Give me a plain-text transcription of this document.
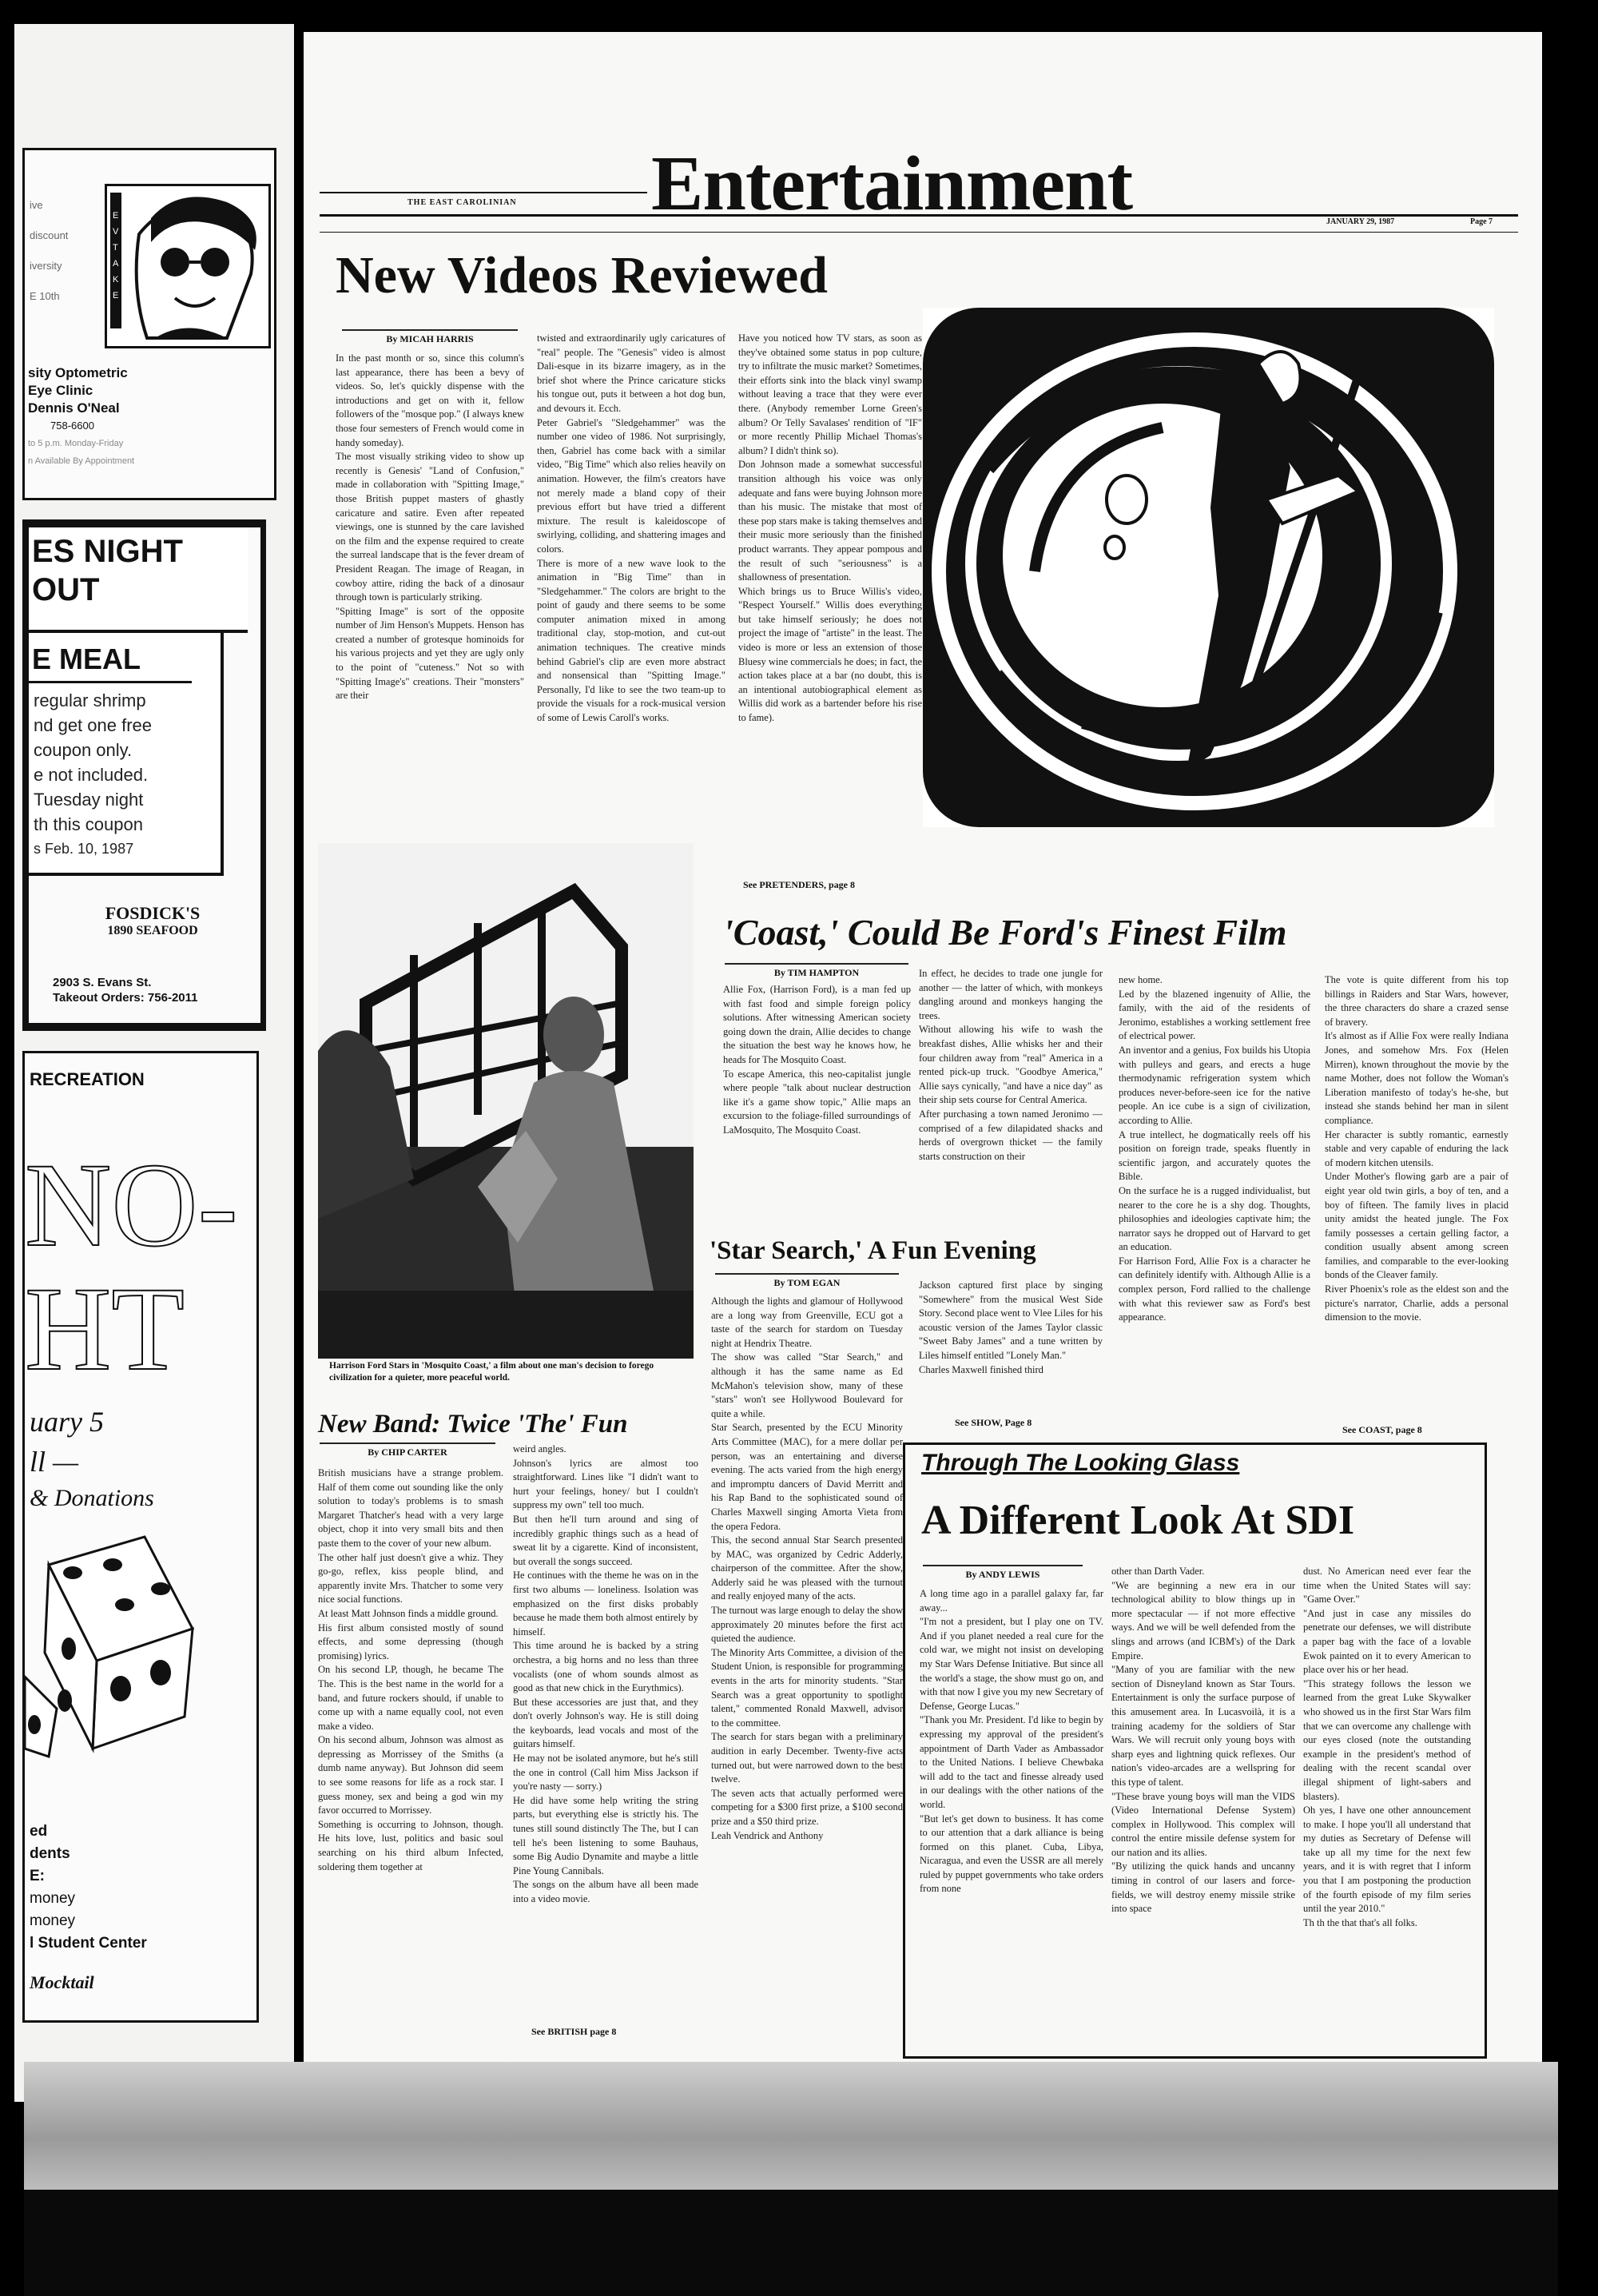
ive
discount
iversity
E 10th
E
V
T
A
K
E
sity Optometric
Eye Clinic
Dennis O'Neal
758-6600
to 5 p.m. Monday-Friday
n Available By Appointment
ES NIGHT
OUT
E MEAL
regular shrimp
nd get one free
coupon only.
e not included.
Tuesday night
th this coupon
s Feb. 10, 1987
FOSDICK'S
1890 SEAFOOD
2903 S. Evans St.
Takeout Orders: 756-2011
RECREATION
NO-
HT
uary 5
ll —
& Donations
ed
dents
E:
money
money
l Student Center
Mocktail
THE EAST CAROLINIAN Entertainment	JANUARY 29, 1987	Page 7
New Videos Reviewed
By MICAH HARRIS
In the past month or so, since this column's last appearance, there has been a bevy of videos. So, let's quickly dispense with the introductions and get on with it, fellow followers of the "mosque pop." (I always knew those four semesters of French would come in handy someday).
The most visually striking video to show up recently is Genesis' "Land of Confusion," made in collaboration with "Spitting Image," those British puppet masters of ghastly caricature and satire. Even after repeated viewings, one is stunned by the care lavished on the film and the expense required to create the surreal landscape that is the fever dream of President Reagan. The image of Reagan, in cowboy attire, riding the back of a dinosaur through town is particularly striking.
"Spitting Image" is sort of the opposite number of Jim Henson's Muppets. Henson has created a number of grotesque hominoids for his various projects and yet they are ugly only to the point of "cuteness." Not so with "Spitting Image's" creations. Their "monsters" are their
twisted and extraordinarily ugly caricatures of "real" people. The "Genesis" video is almost Dali-esque in its bizarre imagery, as in the brief shot where the Prince caricature sticks his tongue out, puts it between a hot dog bun, and devours it. Ecch.
Peter Gabriel's "Sledgehammer" was the number one video of 1986. Not surprisingly, then, Gabriel has come back with a similar video, "Big Time" which also relies heavily on animation. However, the film's creators have not merely made a bland copy of their previous effort but have tried a different mixture. The result is kaleidoscope of swirlying, colliding, and shattering images and colors.
There is more of a new wave look to the animation in "Big Time" than in "Sledgehammer." The colors are bright to the point of gaudy and there seems to be some computer animation mixed in among traditional clay, stop-motion, and cut-out animation techniques. The creative minds behind Gabriel's clip are even more abstract and nonsensical than "Spitting Image." Personally, I'd like to see the two team-up to provide the visuals for a rock-musical version of some of Lewis Caroll's works.
Have you noticed how TV stars, as soon as they've obtained some status in pop culture, try to infiltrate the music market? Sometimes, their efforts sink into the black vinyl swamp without leaving a trace that they were ever there. (Anybody remember Lorne Green's album? Or Telly Savalases' rendition of "IF" or more recently Phillip Michael Thomas's album? I didn't think so).
Don Johnson made a somewhat successful transition although his voice was only adequate and fans were buying Johnson more than his music. The mistake that most of these pop stars make is taking themselves and their music more seriously than the finished product warrants. They appear pompous and the result of such "seriousness" is a shallowness of presentation.
Which brings us to Bruce Willis's video, "Respect Yourself." Willis does everything but take himself seriously; he does not project the image of "artiste" in the least. The video is more or less an extension of those Bluesy wine commercials he does; in fact, the action takes place at a bar (no doubt, this is an intentional autobiographical element as Willis did work as a bartender before his rise to fame).
See PRETENDERS, page 8
Harrison Ford Stars in 'Mosquito Coast,' a film about one man's decision to forego civilization for a quieter, more peaceful world.
'Coast,' Could Be Ford's Finest Film
By TIM HAMPTON
Allie Fox, (Harrison Ford), is a man fed up with fast food and simple foreign policy solutions. After witnessing American society going down the drain, Allie decides to change the situation the best way he knows how, he heads for The Mosquito Coast.
To escape America, this neo-capitalist jungle where people "talk about nuclear destruction like it's a game show topic," Allie maps an excursion to the foliage-filled surroundings of LaMosquito, The Mosquito Coast.
In effect, he decides to trade one jungle for another — the latter of which, with monkeys dangling around and monkeys hanging the trees.
Without allowing his wife to wash the breakfast dishes, Allie whisks her and their four children away from "real" America in a rented pick-up truck. "Goodbye America," Allie says cynically, "and have a nice day" as their ship sets course for Central America.
After purchasing a town named Jeronimo — comprised of a few dilapidated shacks and herds of overgrown thicket — the family starts construction on their
new home.
Led by the blazened ingenuity of Allie, the family, with the aid of the residents of Jeronimo, establishes a working settlement free of electrical power.
An inventor and a genius, Fox builds his Utopia with pulleys and gears, and erects a huge thermodynamic refrigeration system which produces never-before-seen ice for the native people. An ice cube is a sign of civilization, according to Allie.
A true intellect, he dogmatically reels off his position on foreign trade, speaks fluently in scientific jargon, and accurately quotes the Bible.
On the surface he is a rugged individualist, but nearer to the core he is a shy dog. Thoughts, philosophies and ideologies captivate him; the narrator says he dropped out of Harvard to get an education.
For Harrison Ford, Allie Fox is a character he can definitely identify with. Although Allie is a complex person, Ford rallied to the challenge with what this reviewer saw as Ford's best appearance.
The vote is quite different from his top billings in Raiders and Star Wars, however, the three characters do share a crazed sense of bravery.
It's almost as if Allie Fox were really Indiana Jones, and somehow Mrs. Fox (Helen Mirren), known throughout the movie by the name Mother, does not follow the Woman's Liberation manifesto of today's he-she, but instead she stands behind her man in silent compliance.
Her character is subtly romantic, earnestly stable and very capable of enduring the lack of modern kitchen utensils.
Under Mother's flowing garb are a pair of eight year old twin girls, a boy of ten, and a boy of fifteen. The family lives in placid unity amidst the heated jungle. The Fox family possesses a certain gelling factor, a condition usually absent among screen families, and comparable to the ever-looking bonds of the Cleaver family.
River Phoenix's role as the eldest son and the picture's narrator, Charlie, adds a personal dimension to the movie.
See COAST, page 8
'Star Search,' A Fun Evening
By TOM EGAN
Although the lights and glamour of Hollywood are a long way from Greenville, ECU got a taste of the search for stardom on Tuesday night at Hendrix Theatre.
The show was called "Star Search," and although it has the same name as Ed McMahon's television show, many of these "stars" won't see Hollywood Boulevard for quite a while.
Star Search, presented by the ECU Minority Arts Committee (MAC), for a mere dollar per person, was an entertaining and diverse evening. The acts varied from the high energy and impromptu dancers of David Merritt and his Rap Band to the sophisticated sound of Charles Maxwell singing Amorta Vieta from the opera Fedora.
This, the second annual Star Search presented by MAC, was organized by Cedric Adderly, chairperson of the committee. After the show, Adderly said he was pleased with the turnout and really enjoyed many of the acts.
The turnout was large enough to delay the show approximately 20 minutes before the first act quieted the audience.
The Minority Arts Committee, a division of the Student Union, is responsible for programming events in the arts for minority students. "Star Search was a great opportunity to spotlight talent," commented Ronald Maxwell, advisor to the committee.
The search for stars began with a preliminary audition in early December. Twenty-five acts turned out, but were narrowed down to the best twelve.
The seven acts that actually performed were competing for a $300 first prize, a $100 second prize and a $50 third prize.
Leah Vendrick and Anthony
Jackson captured first place by singing "Somewhere" from the musical West Side Story. Second place went to Vlee Liles for his acoustic version of the James Taylor classic "Sweet Baby James" and a tune written by Liles himself entitled "Lonely Man."
Charles Maxwell finished third
See SHOW, Page 8
New Band: Twice 'The' Fun
By CHIP CARTER
British musicians have a strange problem. Half of them come out sounding like the only solution to today's problems is to smash Margaret Thatcher's head with a very large object, chop it into very small bits and then paste them to the cover of your new album.
The other half just doesn't give a whiz. They go-go, reflex, kiss people blind, and apparently invite Mrs. Thatcher to some very nice social functions.
At least Matt Johnson finds a middle ground.
His first album consisted mostly of sound effects, and some depressing (though promising) lyrics.
On his second LP, though, he became The The. This is the best name in the world for a band, and future rockers should, if unable to come up with a name equally cool, not even make a video.
On his second album, Johnson was almost as depressing as Morrissey of the Smiths (a dumb name anyway). But Johnson did seem to see some reasons for life as a rock star. I guess money, sex and being a god win my favor occurred to Morrissey.
Something is occurring to Johnson, though. He hits love, lust, politics and basic soul searching on his third album Infected, soldering them together at
weird angles.
Johnson's lyrics are almost too straightforward. Lines like "I didn't want to hurt your feelings, honey/ but I couldn't suppress my own" tell too much.
But then he'll turn around and sing of incredibly graphic things such as a head of sweat lit by a cigarette. Kind of inconsistent, but overall the songs succeed.
He continues with the theme he was on in the first two albums — loneliness. Isolation was emphasized on the first disks probably because he made them both almost entirely by himself.
This time around he is backed by a string orchestra, a big horns and no less than three vocalists (one of whom sounds almost as good as that new chick in the Eurythmics).
But these accessories are just that, and they don't overly Johnson's way. He is still doing the keyboards, lead vocals and most of the guitars himself.
He may not be isolated anymore, but he's still the one in control (Call him Miss Jackson if you're nasty — sorry.)
He did have some help writing the string parts, but everything else is strictly his. The tunes still sound distinctly The The, but I can tell he's been listening to some Bauhaus, some Big Audio Dynamite and maybe a little Pine Young Cannibals.
The songs on the album have all been made into a video movie.
See BRITISH page 8
Through The Looking Glass
A Different Look At SDI
By ANDY LEWIS
A long time ago in a parallel galaxy far, far away...
"I'm not a president, but I play one on TV. And if you planet needed a real cure for the cold war, we might not insist on developing my Star Wars Defense Initiative. But since all the world's a stage, the show must go on, and with that now I give you my new Secretary of Defense, George Lucas."
"Thank you Mr. President. I'd like to begin by expressing my approval of the president's appointment of Darth Vader as Ambassador to the United Nations. I believe Chewbaka will add to the tact and finesse already used in our dealings with the other nations of the world.
"But let's get down to business. It has come to our attention that a dark alliance is being formed on this planet. Cuba, Libya, Nicaragua, and even the USSR are all merely ruled by puppet governments who take orders from none
other than Darth Vader.
"We are beginning a new era in our technological ability to blow things up in more spectacular — if not more effective ways. And we will be well defended from the slings and arrows (and ICBM's) of the Dark Empire.
"Many of you are familiar with the new section of Disneyland known as Star Tours. Entertainment is only the surface purpose of this amusement area. In Lucasvoilà, it is a training academy for the soldiers of Star Wars. We will recruit only young boys with sharp eyes and lightning quick reflexes. Our nation's video-arcades are a wellspring for this type of talent.
"These brave young boys will man the VIDS (Video International Defense System) complex in Hollywood. This complex will control the entire missile defense system for our nation and its allies.
"By utilizing the quick hands and uncanny timing in control of our lasers and force-fields, we will destroy enemy missile strike into space
dust. No American need ever fear the time when the United States will say: "Game Over."
"And just in case any missiles do penetrate our defenses, we will distribute a paper bag with the face of a lovable Ewok painted on it to every American to place over his or her head.
"This strategy follows the lesson we learned from the great Luke Skywalker who showed us in the first Star Wars film that we can overcome any challenge with our eyes closed (note the outstanding example in the president's method of dealing with the recent scandal over illegal shipment of light-sabers and blasters).
Oh yes, I have one other announcement to make. I hope you'll all understand that my duties as Secretary of Defense will take up all my time for the next few years, and it is with regret that I inform you that I am postponing the production of the fourth episode of my film series until the year 2010."
Th th the that that's all folks.
